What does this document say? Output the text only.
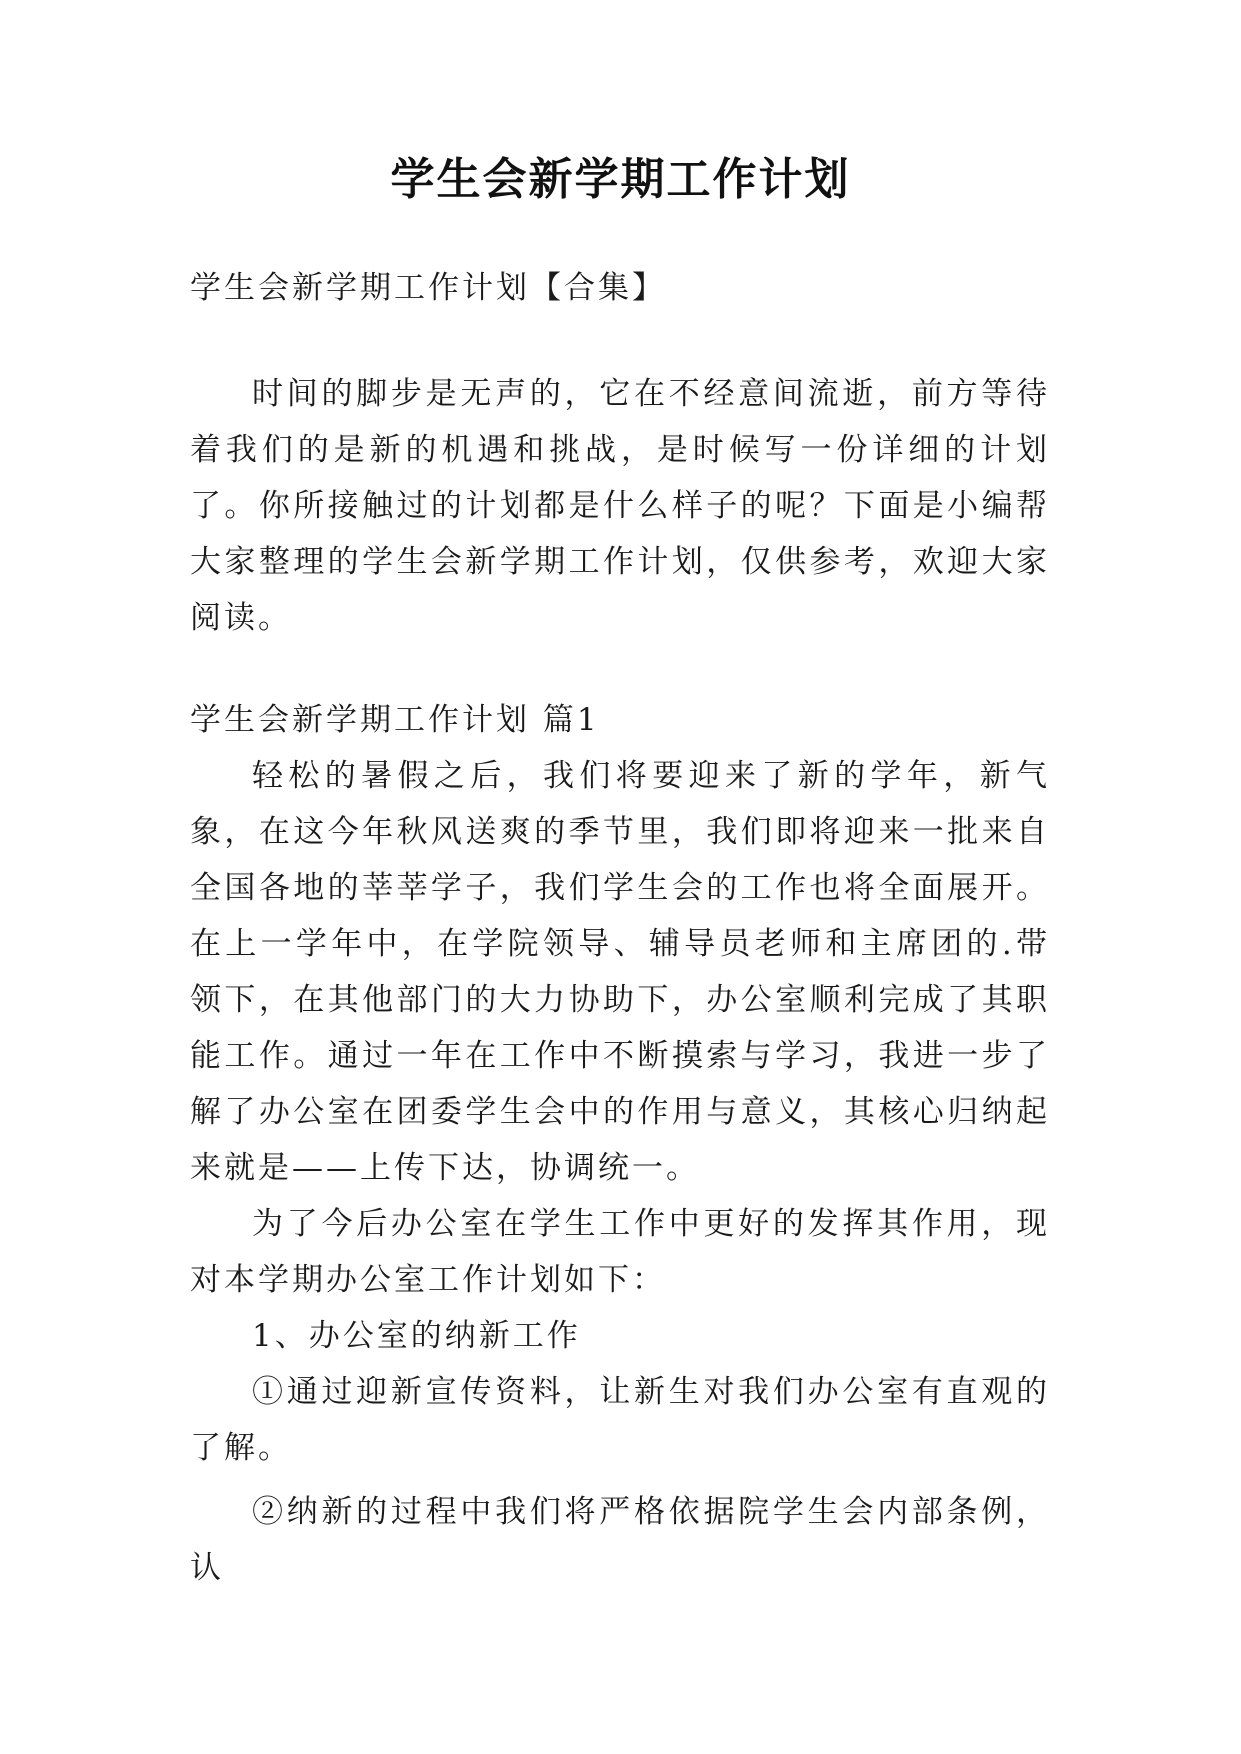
学生会新学期工作计划

学生会新学期工作计划【合集】

时间的脚步是无声的，它在不经意间流逝，前方等待着我们的是新的机遇和挑战，是时候写一份详细的计划了。你所接触过的计划都是什么样子的呢？下面是小编帮大家整理的学生会新学期工作计划，仅供参考，欢迎大家阅读。

学生会新学期工作计划 篇1

轻松的暑假之后，我们将要迎来了新的学年，新气象，在这今年秋风送爽的季节里，我们即将迎来一批来自全国各地的莘莘学子，我们学生会的工作也将全面展开。在上一学年中，在学院领导、辅导员老师和主席团的.带领下，在其他部门的大力协助下，办公室顺利完成了其职能工作。通过一年在工作中不断摸索与学习，我进一步了解了办公室在团委学生会中的作用与意义，其核心归纳起来就是——上传下达，协调统一。

为了今后办公室在学生工作中更好的发挥其作用，现对本学期办公室工作计划如下：

1、办公室的纳新工作

①通过迎新宣传资料，让新生对我们办公室有直观的了解。

②纳新的过程中我们将严格依据院学生会内部条例，认
